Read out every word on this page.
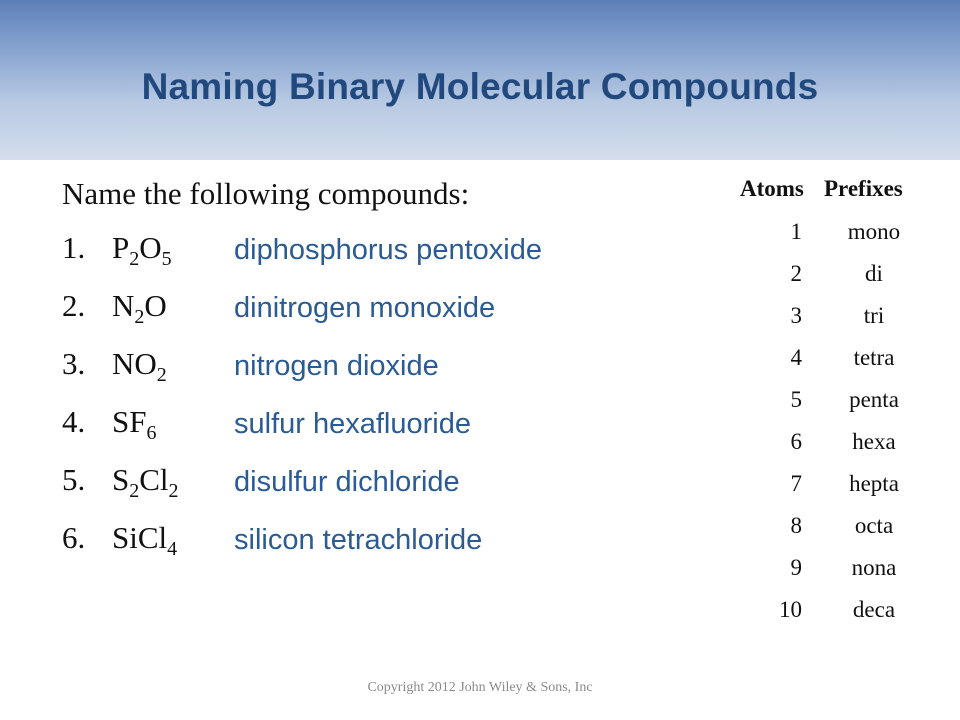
Naming Binary Molecular Compounds
Name the following compounds:
1. $P_2O_5$ diphosphorus pentoxide
2. $N_2O$ dinitrogen monoxide
3. $NO_2$ nitrogen dioxide
4. $SF_6$	sulfur hexafluoride
5. $S_2Cl_2$ disulfur dichloride
6. SiCl$_4$ silicon tetrachloride
Atoms Prefixes
1	mono
2	di
3	tri
4	tetra
5	penta
6	hexa
7	hepta
8	octa
9	nona
10	deca
Copyright 2012 John Wiley & Sons, Inc
